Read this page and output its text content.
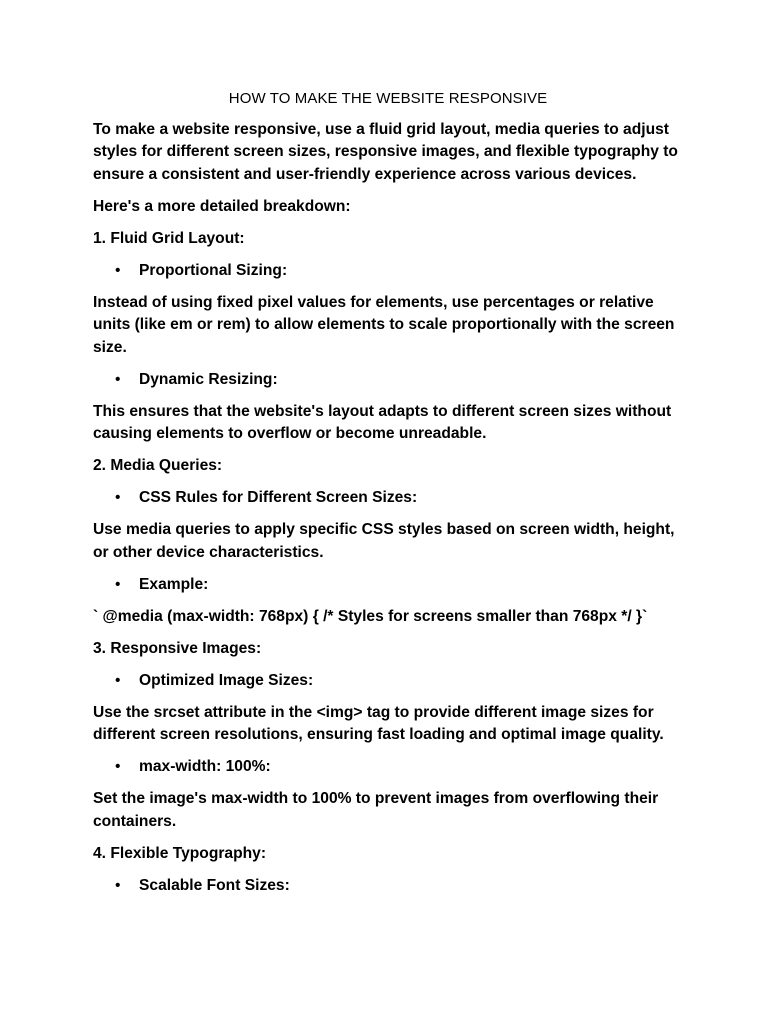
HOW TO MAKE THE WEBSITE RESPONSIVE
To make a website responsive, use a fluid grid layout, media queries to adjust styles for different screen sizes, responsive images, and flexible typography to ensure a consistent and user-friendly experience across various devices.
Here's a more detailed breakdown:
1. Fluid Grid Layout:
• Proportional Sizing:
Instead of using fixed pixel values for elements, use percentages or relative units (like em or rem) to allow elements to scale proportionally with the screen size.
• Dynamic Resizing:
This ensures that the website's layout adapts to different screen sizes without causing elements to overflow or become unreadable.
2. Media Queries:
• CSS Rules for Different Screen Sizes:
Use media queries to apply specific CSS styles based on screen width, height, or other device characteristics.
• Example:
` @media (max-width: 768px) { /* Styles for screens smaller than 768px */ }`
3. Responsive Images:
• Optimized Image Sizes:
Use the srcset attribute in the <img> tag to provide different image sizes for different screen resolutions, ensuring fast loading and optimal image quality.
• max-width: 100%:
Set the image's max-width to 100% to prevent images from overflowing their containers.
4. Flexible Typography:
• Scalable Font Sizes:
